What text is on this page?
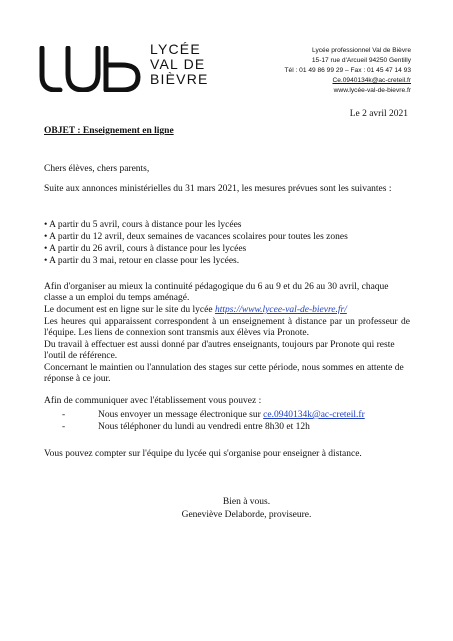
LYCÉE
VAL DE
BIÈVRE
Lycée professionnel Val de Bièvre
15-17 rue d'Arcueil 94250 Gentilly
Tél : 01 49 86 99 29 – Fax : 01 45 47 14 93
Ce.0940134k@ac-creteil.fr
www.lycée-val-de-bievre.fr
Le 2 avril 2021
OBJET : Enseignement en ligne
Chers élèves, chers parents,
Suite aux annonces ministérielles du 31 mars 2021, les mesures prévues sont les suivantes :
• A partir du 5 avril, cours à distance pour les lycées
• A partir du 12 avril, deux semaines de vacances scolaires pour toutes les zones
• A partir du 26 avril, cours à distance pour les lycées
• A partir du 3 mai, retour en classe pour les lycées.
Afin d'organiser au mieux la continuité pédagogique du 6 au 9 et du 26 au 30 avril, chaque classe a un emploi du temps aménagé.
Le document est en ligne sur le site du lycée https://www.lycee-val-de-bievre.fr/
Les heures qui apparaissent correspondent à un enseignement à distance par un professeur de l'équipe. Les liens de connexion sont transmis aux élèves via Pronote.
Du travail à effectuer est aussi donné par d'autres enseignants, toujours par Pronote qui reste l'outil de référence.
Concernant le maintien ou l'annulation des stages sur cette période, nous sommes en attente de réponse à ce jour.
Afin de communiquer avec l'établissement vous pouvez :
-	Nous envoyer un message électronique sur ce.0940134k@ac-creteil.fr
-	Nous téléphoner du lundi au vendredi entre 8h30 et 12h
Vous pouvez compter sur l'équipe du lycée qui s'organise pour enseigner à distance.
Bien à vous.
Geneviève Delaborde, proviseure.
